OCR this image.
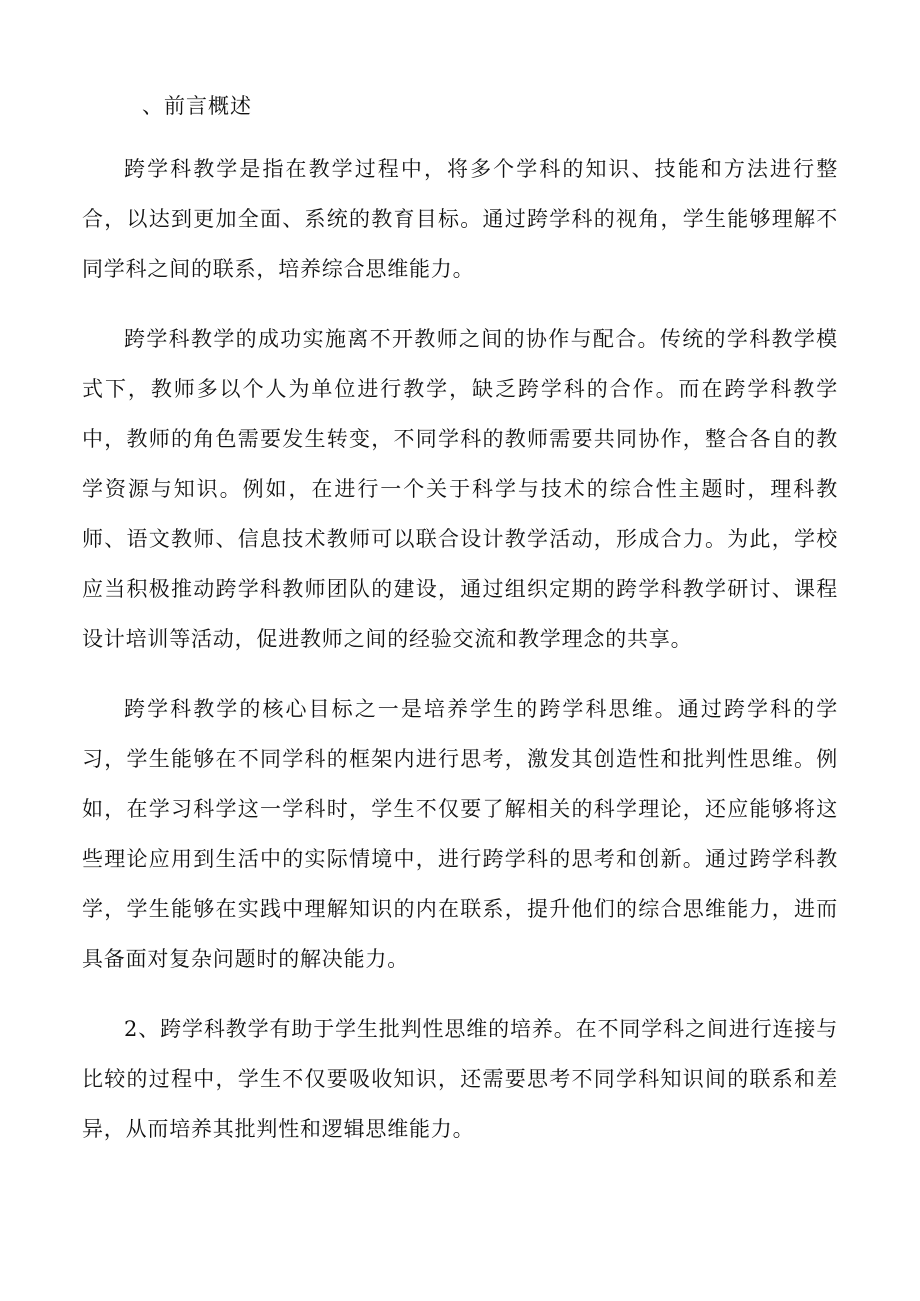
、前言概述

跨学科教学是指在教学过程中，将多个学科的知识、技能和方法进行整合，以达到更加全面、系统的教育目标。通过跨学科的视角，学生能够理解不同学科之间的联系，培养综合思维能力。

跨学科教学的成功实施离不开教师之间的协作与配合。传统的学科教学模式下，教师多以个人为单位进行教学，缺乏跨学科的合作。而在跨学科教学中，教师的角色需要发生转变，不同学科的教师需要共同协作，整合各自的教学资源与知识。例如，在进行一个关于科学与技术的综合性主题时，理科教师、语文教师、信息技术教师可以联合设计教学活动，形成合力。为此，学校应当积极推动跨学科教师团队的建设，通过组织定期的跨学科教学研讨、课程设计培训等活动，促进教师之间的经验交流和教学理念的共享。

跨学科教学的核心目标之一是培养学生的跨学科思维。通过跨学科的学习，学生能够在不同学科的框架内进行思考，激发其创造性和批判性思维。例如，在学习科学这一学科时，学生不仅要了解相关的科学理论，还应能够将这些理论应用到生活中的实际情境中，进行跨学科的思考和创新。通过跨学科教学，学生能够在实践中理解知识的内在联系，提升他们的综合思维能力，进而具备面对复杂问题时的解决能力。

2、跨学科教学有助于学生批判性思维的培养。在不同学科之间进行连接与比较的过程中，学生不仅要吸收知识，还需要思考不同学科知识间的联系和差异，从而培养其批判性和逻辑思维能力。
